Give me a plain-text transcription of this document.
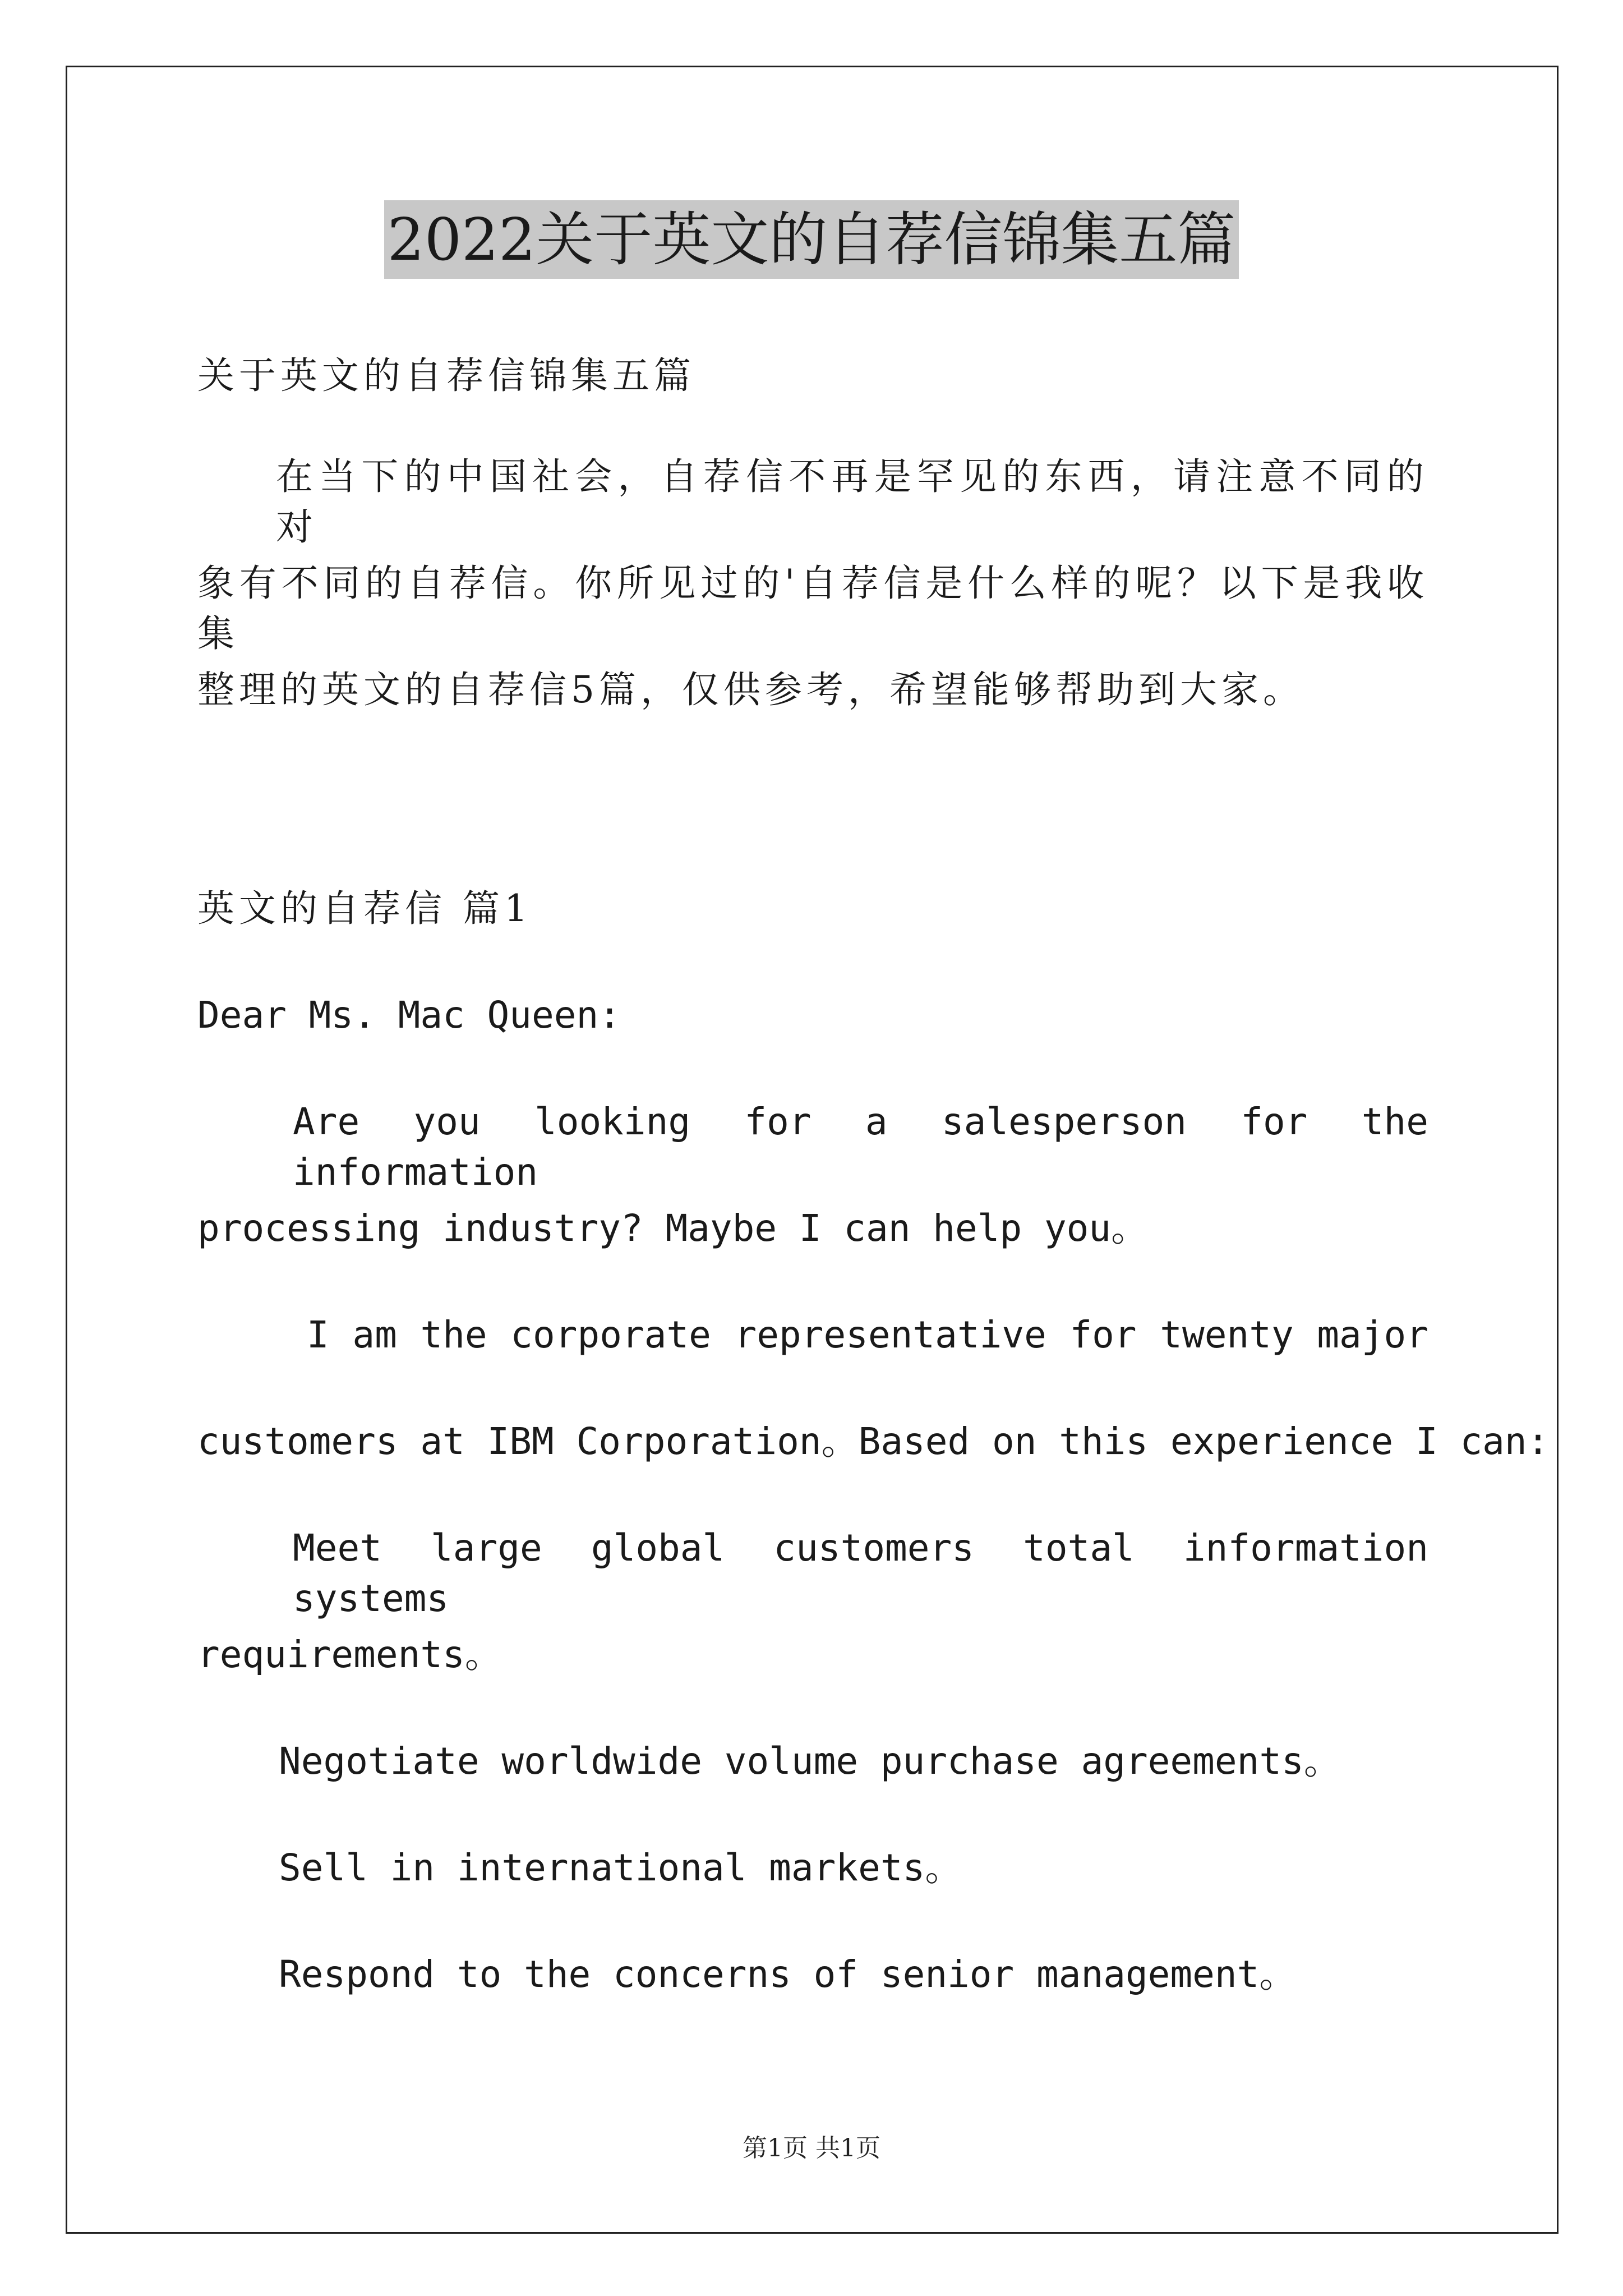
2022关于英文的自荐信锦集五篇
关于英文的自荐信锦集五篇
在当下的中国社会，自荐信不再是罕见的东西，请注意不同的对
象有不同的自荐信。你所见过的'自荐信是什么样的呢？以下是我收集
整理的英文的自荐信5篇，仅供参考，希望能够帮助到大家。
英文的自荐信 篇1
Dear Ms. Mac Queen:
Are you looking for a salesperson for the information
processing industry? Maybe I can help you。
I am the corporate representative for twenty major
customers at IBM Corporation。Based on this experience I can:
Meet large global customers total information systems
requirements。
Negotiate worldwide volume purchase agreements。
Sell in international markets。
Respond to the concerns of senior management。
第1页 共1页
